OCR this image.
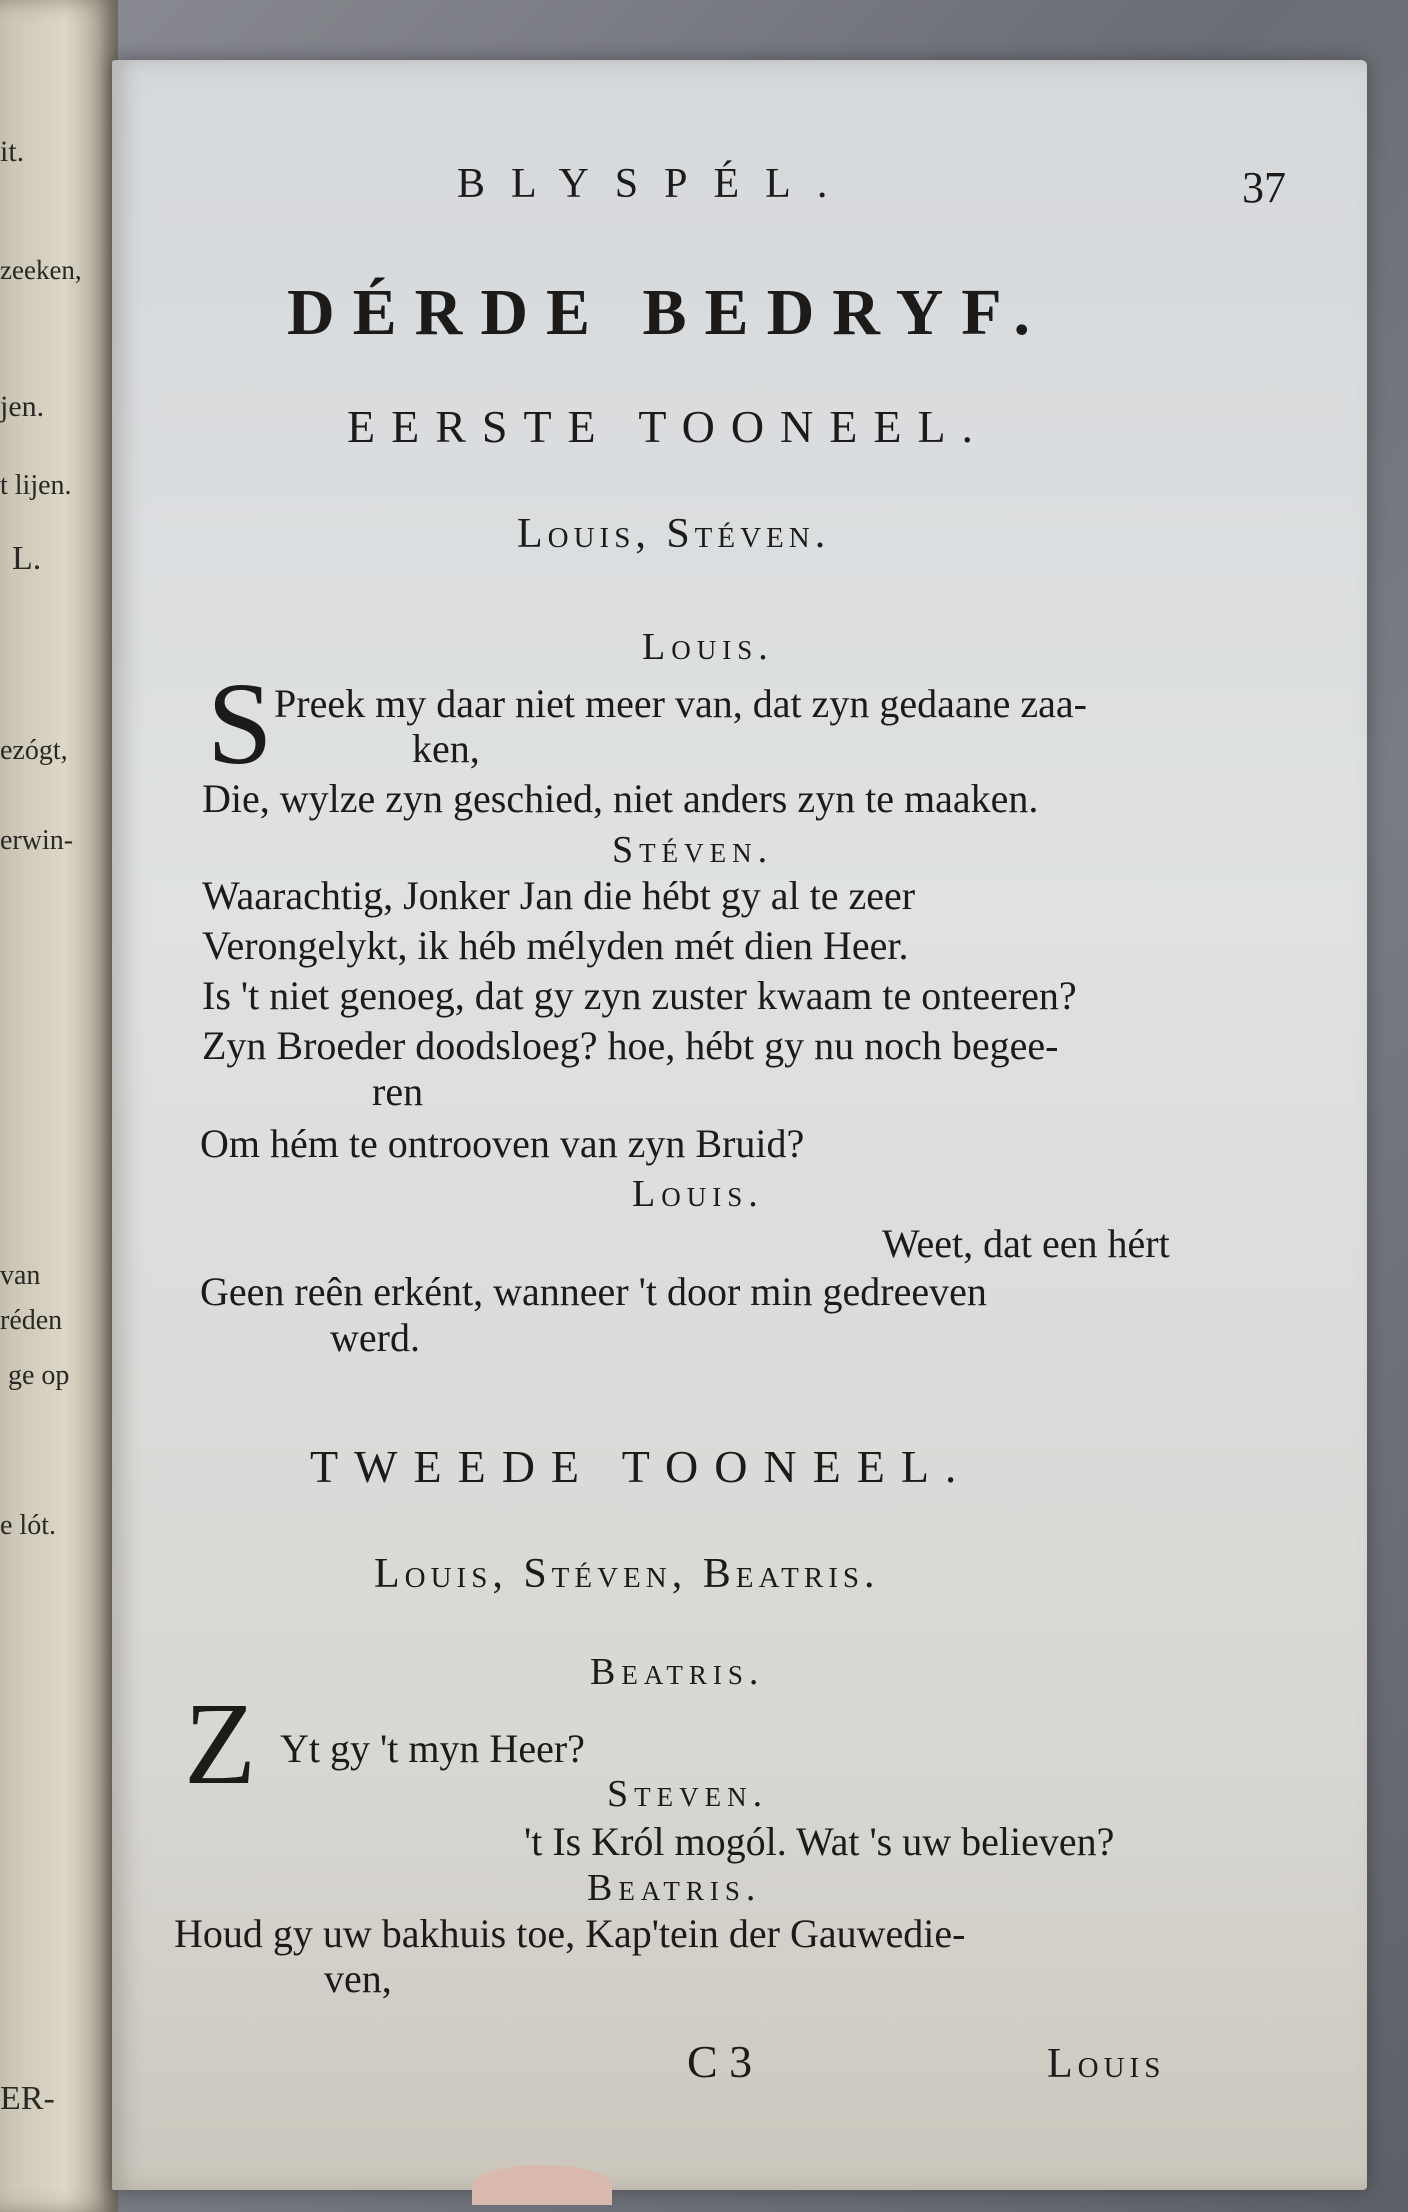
it.
zeeken,
jen.
t lijen.
L.
ezógt,
erwin-
van
réden
ge op
e lót.
ER-
BLYSPÉL.	37
DÉRDE BEDRYF.
EERSTE TOONEEL.
Louis, Stéven.
Louis.
S Preek my daar niet meer van, dat zyn gedaane zaa-
ken,
Die, wylze zyn geschied, niet anders zyn te maaken.
Stéven.
Waarachtig, Jonker Jan die hébt gy al te zeer
Verongelykt, ik héb mélyden mét dien Heer.
Is 't niet genoeg, dat gy zyn zuster kwaam te onteeren?
Zyn Broeder doodsloeg? hoe, hébt gy nu noch begee-
ren
Om hém te ontrooven van zyn Bruid?
Louis.
Weet, dat een hért
Geen reên erként, wanneer 't door min gedreeven
werd.
TWEEDE TOONEEL.
Louis, Stéven, Beatris.
Beatris.
Z Yt gy 't myn Heer?
Steven.
't Is Król mogól. Wat 's uw believen?
Beatris.
Houd gy uw bakhuis toe, Kap'tein der Gauwedie-
ven,
C 3	Louis
